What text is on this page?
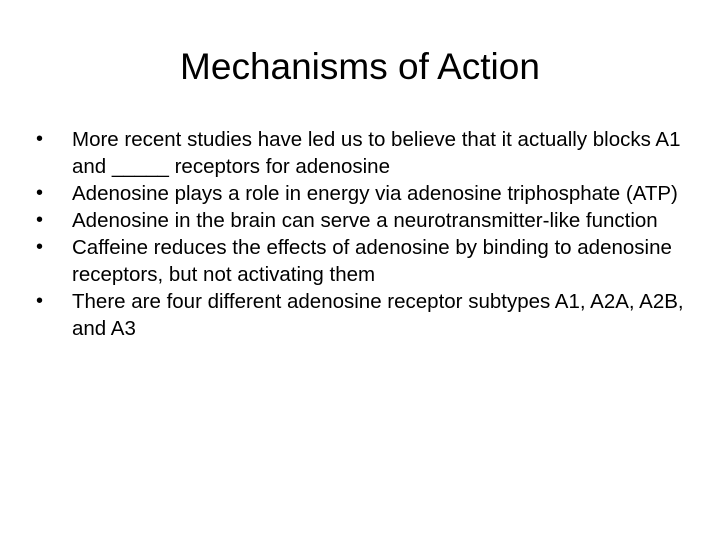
Mechanisms of Action
•	More recent studies have led us to believe that it actually blocks A1 and _____ receptors for adenosine
•	Adenosine plays a role in energy via adenosine triphosphate (ATP)
•	Adenosine in the brain can serve a neurotransmitter-like function
•	Caffeine reduces the effects of adenosine by binding to adenosine receptors, but not activating them
•	There are four different adenosine receptor subtypes A1, A2A, A2B, and A3
